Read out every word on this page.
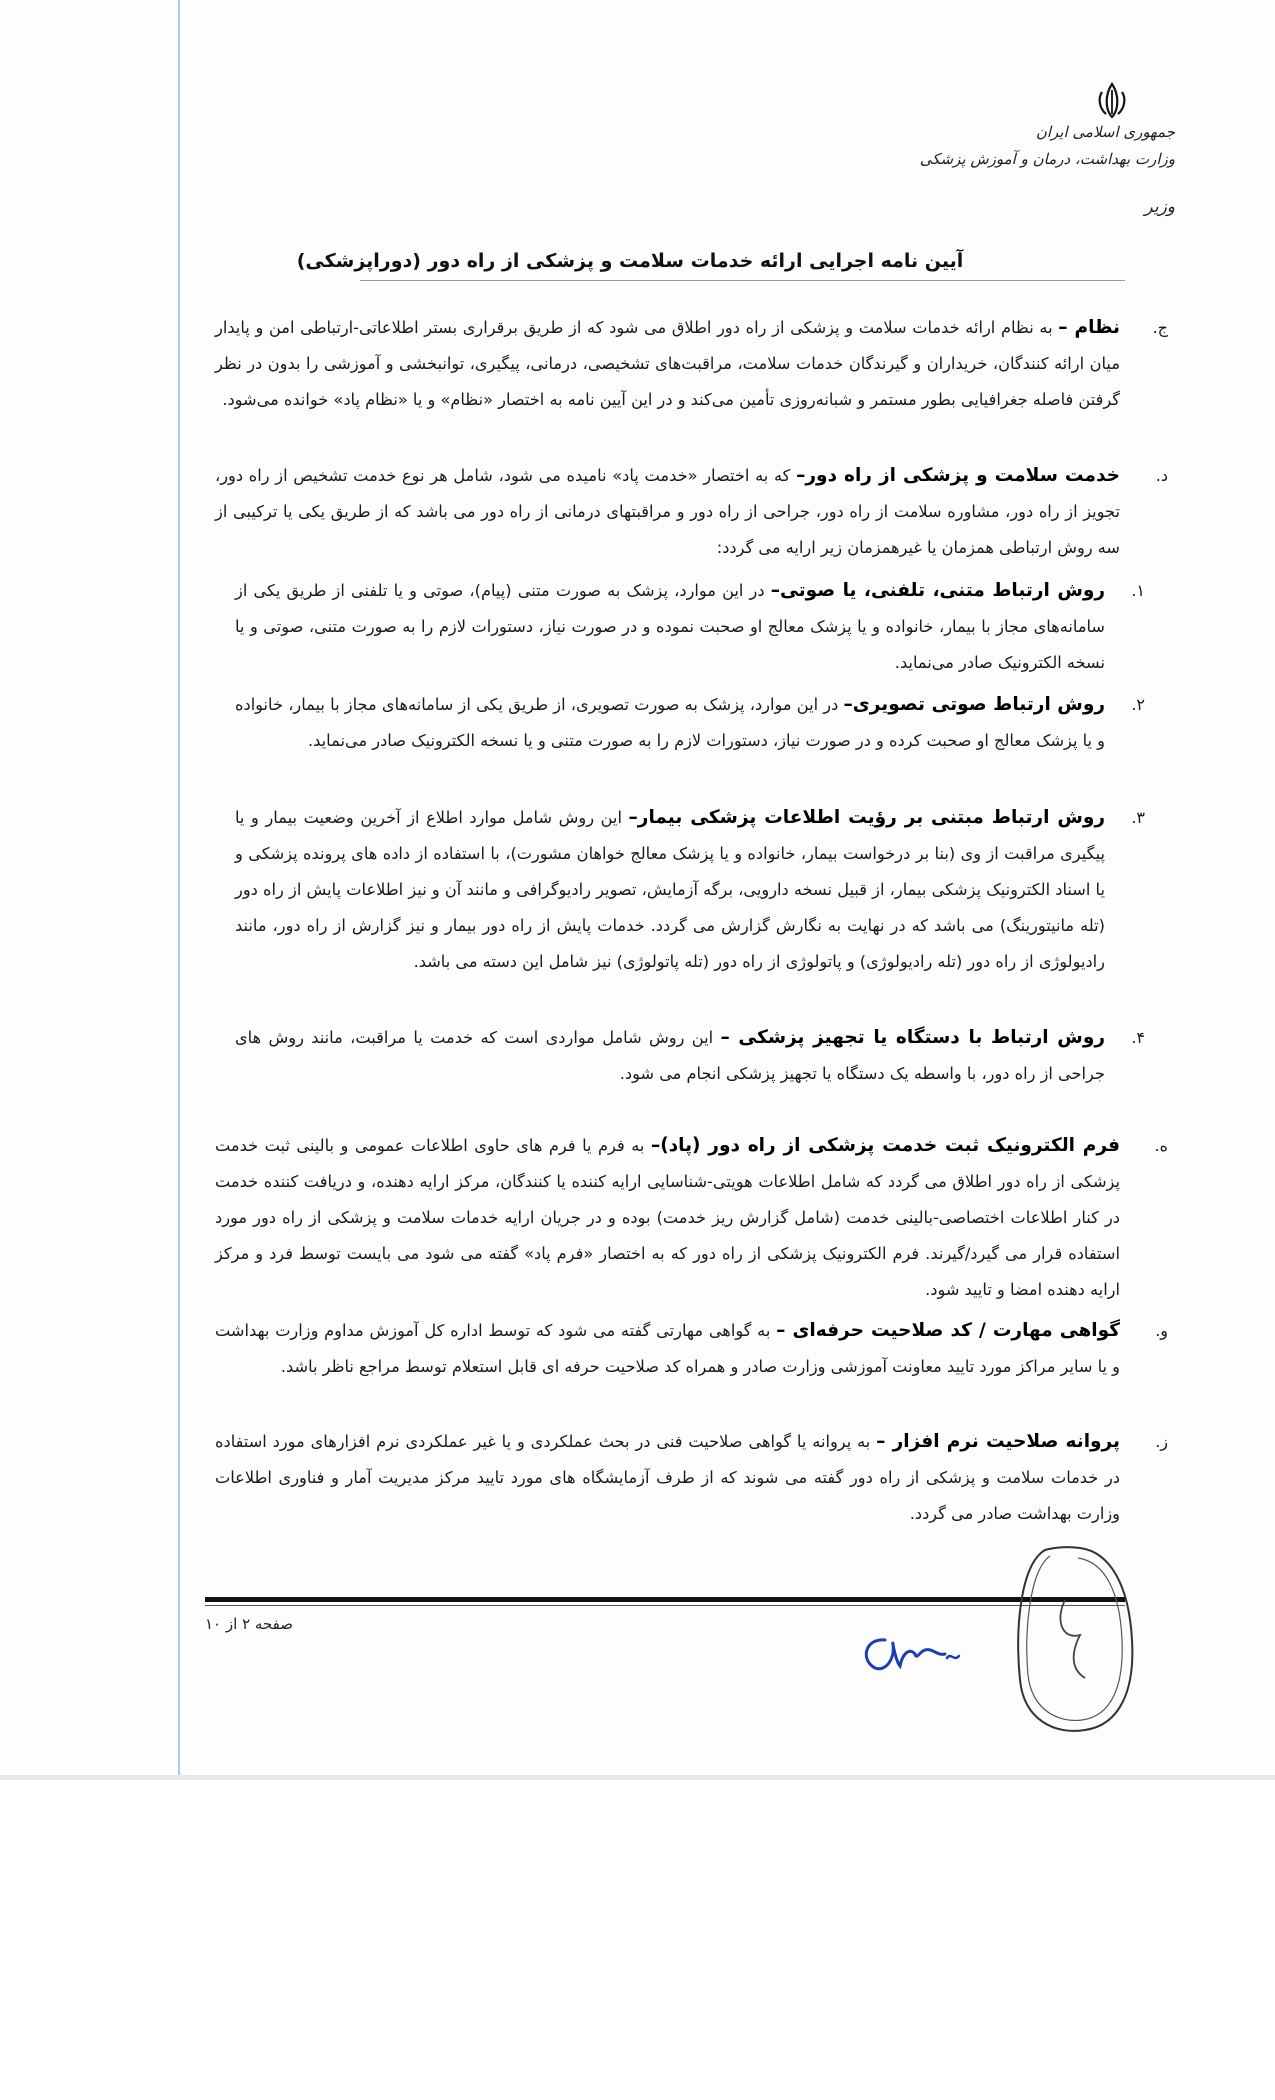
جمهوری اسلامی ایران
وزارت بهداشت، درمان و آموزش پزشکی
وزیر
آیین نامه اجرایی ارائه خدمات سلامت و پزشکی از راه دور (دوراپزشکی)
ج.
نظام – به نظام ارائه خدمات سلامت و پزشکی از راه دور اطلاق می شود که از طریق برقراری بستر اطلاعاتی-ارتباطی امن و پایدار میان ارائه کنندگان، خریداران و گیرندگان خدمات سلامت، مراقبت‌های تشخیصی، درمانی، پیگیری، توانبخشی و آموزشی را بدون در نظر گرفتن فاصله جغرافیایی بطور مستمر و شبانه‌روزی تأمین می‌کند و در این آیین نامه به اختصار «نظام» و یا «نظام پاد» خوانده می‌شود.
د.
خدمت سلامت و پزشکی از راه دور– که به اختصار «خدمت پاد» نامیده می شود، شامل هر نوع خدمت تشخیص از راه دور، تجویز از راه دور، مشاوره سلامت از راه دور، جراحی از راه دور و مراقبتهای درمانی از راه دور می باشد که از طریق یکی یا ترکیبی از سه روش ارتباطی همزمان یا غیرهمزمان زیر ارایه می گردد:
۱.
روش ارتباط متنی، تلفنی، یا صوتی– در این موارد، پزشک به صورت متنی (پیام)، صوتی و یا تلفنی از طریق یکی از سامانه‌های مجاز با بیمار، خانواده و یا پزشک معالج او صحبت نموده و در صورت نیاز، دستورات لازم را به صورت متنی، صوتی و یا نسخه الکترونیک صادر می‌نماید.
۲.
روش ارتباط صوتی تصویری– در این موارد، پزشک به صورت تصویری، از طریق یکی از سامانه‌های مجاز با بیمار، خانواده و یا پزشک معالج او صحبت کرده و در صورت نیاز، دستورات لازم را به صورت متنی و یا نسخه الکترونیک صادر می‌نماید.
۳.
روش ارتباط مبتنی بر رؤیت اطلاعات پزشکی بیمار– این روش شامل موارد اطلاع از آخرین وضعیت بیمار و یا پیگیری مراقبت از وی (بنا بر درخواست بیمار، خانواده و یا پزشک معالج خواهان مشورت)، با استفاده از داده های پرونده پزشکی و یا اسناد الکترونیک پزشکی بیمار، از قبیل نسخه دارویی، برگه آزمایش، تصویر رادیوگرافی و مانند آن و نیز اطلاعات پایش از راه دور (تله مانیتورینگ) می باشد که در نهایت به نگارش گزارش می گردد. خدمات پایش از راه دور بیمار و نیز گزارش از راه دور، مانند رادیولوژی از راه دور (تله رادیولوژی) و پاتولوژی از راه دور (تله پاتولوژی) نیز شامل این دسته می باشد.
۴.
روش ارتباط با دستگاه یا تجهیز پزشکی – این روش شامل مواردی است که خدمت یا مراقبت، مانند روش های جراحی از راه دور، با واسطه یک دستگاه یا تجهیز پزشکی انجام می شود.
ه.
فرم الکترونیک ثبت خدمت پزشکی از راه دور (پاد)– به فرم یا فرم های حاوی اطلاعات عمومی و بالینی ثبت خدمت پزشکی از راه دور اطلاق می گردد که شامل اطلاعات هویتی-شناسایی ارایه کننده یا کنندگان، مرکز ارایه دهنده، و دریافت کننده خدمت در کنار اطلاعات اختصاصی-بالینی خدمت (شامل گزارش ریز خدمت) بوده و در جریان ارایه خدمات سلامت و پزشکی از راه دور مورد استفاده قرار می گیرد/گیرند. فرم الکترونیک پزشکی از راه دور که به اختصار «فرم پاد» گفته می شود می بایست توسط فرد و مرکز ارایه دهنده امضا و تایید شود.
و.
گواهی مهارت / کد صلاحیت حرفه‌ای – به گواهی مهارتی گفته می شود که توسط اداره کل آموزش مداوم وزارت بهداشت و یا سایر مراکز مورد تایید معاونت آموزشی وزارت صادر و همراه کد صلاحیت حرفه ای قابل استعلام توسط مراجع ناظر باشد.
ز.
پروانه صلاحیت نرم افزار – به پروانه یا گواهی صلاحیت فنی در بحث عملکردی و یا غیر عملکردی نرم افزارهای مورد استفاده در خدمات سلامت و پزشکی از راه دور گفته می شوند که از طرف آزمایشگاه های مورد تایید مرکز مدیریت آمار و فناوری اطلاعات وزارت بهداشت صادر می گردد.
صفحه ۲ از ۱۰
